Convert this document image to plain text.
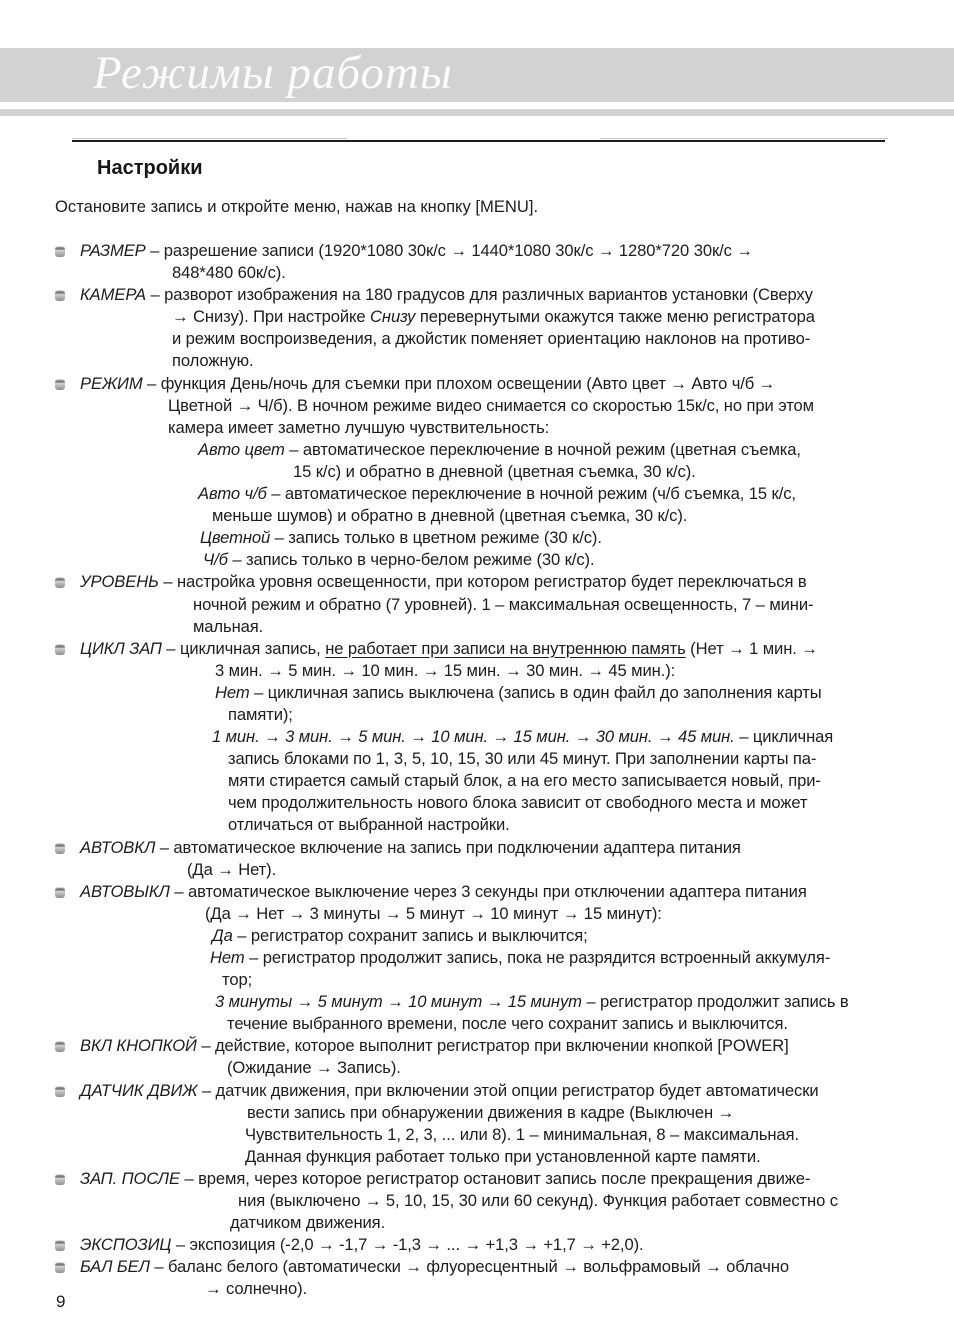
Режимы работы
Настройки
Остановите запись и откройте меню, нажав на кнопку [MENU].
РАЗМЕР – разрешение записи (1920*1080 30к/с → 1440*1080 30к/с → 1280*720 30к/с →
848*480 60к/с).
КАМЕРА – разворот изображения на 180 градусов для различных вариантов установки (Сверху
→ Снизу). При настройке Снизу перевернутыми окажутся также меню регистратора
и режим воспроизведения, а джойстик поменяет ориентацию наклонов на противо-
положную.
РЕЖИМ – функция День/ночь для съемки при плохом освещении (Авто цвет → Авто ч/б →
Цветной → Ч/б). В ночном режиме видео снимается со скоростью 15к/с, но при этом
камера имеет заметно лучшую чувствительность:
Авто цвет – автоматическое переключение в ночной режим (цветная съемка,
15 к/с) и обратно в дневной (цветная съемка, 30 к/с).
Авто ч/б – автоматическое переключение в ночной режим (ч/б съемка, 15 к/с,
меньше шумов) и обратно в дневной (цветная съемка, 30 к/с).
Цветной – запись только в цветном режиме (30 к/с).
Ч/б – запись только в черно-белом режиме (30 к/с).
УРОВЕНЬ – настройка уровня освещенности, при котором регистратор будет переключаться в
ночной режим и обратно (7 уровней). 1 – максимальная освещенность, 7 – мини-
мальная.
ЦИКЛ ЗАП – цикличная запись, не работает при записи на внутреннюю память (Нет → 1 мин. →
3 мин. → 5 мин. → 10 мин. → 15 мин. → 30 мин. → 45 мин.):
Нет – цикличная запись выключена (запись в один файл до заполнения карты
памяти);
1 мин. → 3 мин. → 5 мин. → 10 мин. → 15 мин. → 30 мин. → 45 мин. – цикличная
запись блоками по 1, 3, 5, 10, 15, 30 или 45 минут. При заполнении карты па-
мяти стирается самый старый блок, а на его место записывается новый, при-
чем продолжительность нового блока зависит от свободного места и может
отличаться от выбранной настройки.
АВТОВКЛ – автоматическое включение на запись при подключении адаптера питания
(Да → Нет).
АВТОВЫКЛ – автоматическое выключение через 3 секунды при отключении адаптера питания
(Да → Нет → 3 минуты → 5 минут → 10 минут → 15 минут):
Да – регистратор сохранит запись и выключится;
Нет – регистратор продолжит запись, пока не разрядится встроенный аккумуля-
тор;
3 минуты → 5 минут → 10 минут → 15 минут – регистратор продолжит запись в
течение выбранного времени, после чего сохранит запись и выключится.
ВКЛ КНОПКОЙ – действие, которое выполнит регистратор при включении кнопкой [POWER]
(Ожидание → Запись).
ДАТЧИК ДВИЖ – датчик движения, при включении этой опции регистратор будет автоматически
вести запись при обнаружении движения в кадре (Выключен →
Чувствительность 1, 2, 3, ... или 8). 1 – минимальная, 8 – максимальная.
Данная функция работает только при установленной карте памяти.
ЗАП. ПОСЛЕ – время, через которое регистратор остановит запись после прекращения движе-
ния (выключено → 5, 10, 15, 30 или 60 секунд). Функция работает совместно с
датчиком движения.
ЭКСПОЗИЦ – экспозиция (-2,0 → -1,7 → -1,3 → ... → +1,3 → +1,7 → +2,0).
БАЛ БЕЛ – баланс белого (автоматически → флуоресцентный → вольфрамовый → облачно
→ солнечно).
9
